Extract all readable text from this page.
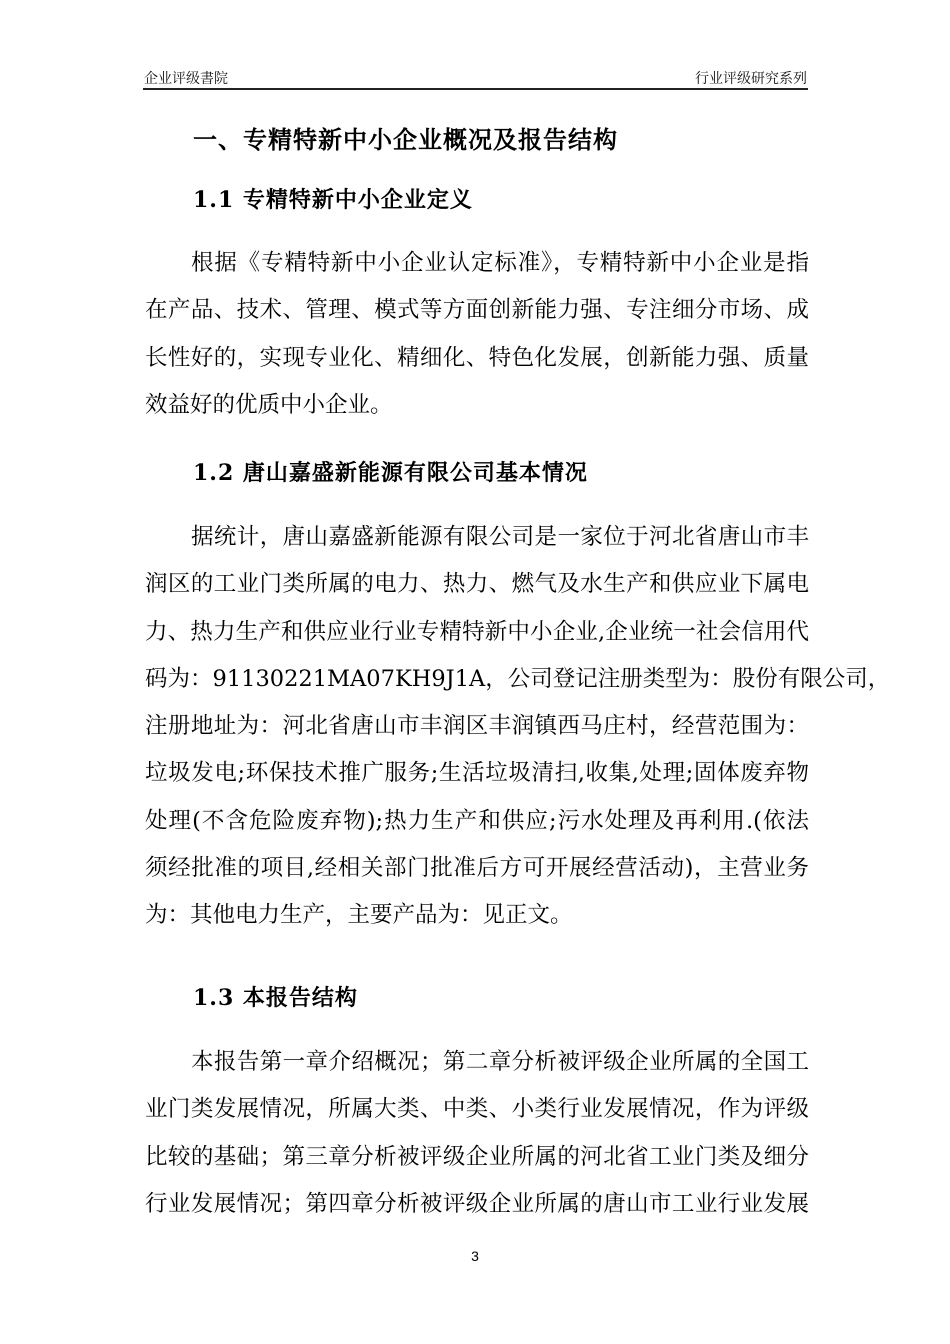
企业评级書院	行业评级研究系列
一、专精特新中小企业概况及报告结构
1.1 专精特新中小企业定义
根据《专精特新中小企业认定标准》，专精特新中小企业是指
在产品、技术、管理、模式等方面创新能力强、专注细分市场、成
长性好的，实现专业化、精细化、特色化发展，创新能力强、质量
效益好的优质中小企业。
1.2 唐山嘉盛新能源有限公司基本情况
据统计，唐山嘉盛新能源有限公司是一家位于河北省唐山市丰
润区的工业门类所属的电力、热力、燃气及水生产和供应业下属电
力、热力生产和供应业行业专精特新中小企业,企业统一社会信用代
码为：91130221MA07KH9J1A，公司登记注册类型为：股份有限公司，
注册地址为：河北省唐山市丰润区丰润镇西马庄村，经营范围为：
垃圾发电;环保技术推广服务;生活垃圾清扫,收集,处理;固体废弃物
处理(不含危险废弃物);热力生产和供应;污水处理及再利用.(依法
须经批准的项目,经相关部门批准后方可开展经营活动)，主营业务
为：其他电力生产，主要产品为：见正文。
1.3 本报告结构
本报告第一章介绍概况；第二章分析被评级企业所属的全国工
业门类发展情况，所属大类、中类、小类行业发展情况，作为评级
比较的基础；第三章分析被评级企业所属的河北省工业门类及细分
行业发展情况；第四章分析被评级企业所属的唐山市工业行业发展
3
